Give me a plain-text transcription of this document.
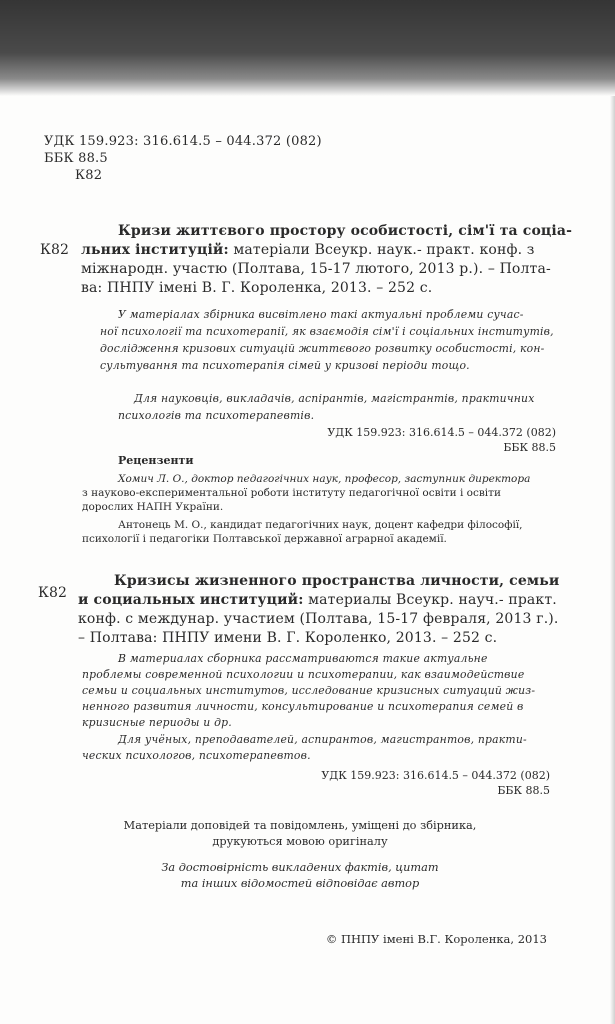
УДК 159.923: 316.614.5 – 044.372 (082)
ББК 88.5
К82
К82
Кризи життєвого простору особистості, сім'ї та соціа-
льних інституцій: матеріали Всеукр. наук.- практ. конф. з
міжнародн. участю (Полтава, 15-17 лютого, 2013 р.). – Полта-
ва: ПНПУ імені В. Г. Короленка, 2013. – 252 с.
У матеріалах збірника висвітлено такі актуальні проблеми сучас-
ної психології та психотерапії, як взаємодія сім'ї і соціальних інститутів,
дослідження кризових ситуацій життєвого розвитку особистості, кон-
сультування та психотерапія сімей у кризові періоди тощо.
Для науковців, викладачів, аспірантів, магістрантів, практичних
психологів та психотерапевтів.
УДК 159.923: 316.614.5 – 044.372 (082)
ББК 88.5
Рецензенти
Хомич Л. О., доктор педагогічних наук, професор, заступник директора
з науково-експериментальної роботи інституту педагогічної освіти і освіти
дорослих НАПН України.
Антонець М. О., кандидат педагогічних наук, доцент кафедри філософії,
психології і педагогіки Полтавської державної аграрної академії.
К82
Кризисы жизненного пространства личности, семьи
и социальных институций: материалы Всеукр. науч.- практ.
конф. с междунар. участием (Полтава, 15-17 февраля, 2013 г.).
– Полтава: ПНПУ имени В. Г. Короленко, 2013. – 252 с.
В материалах сборника рассматриваются такие актуальне
проблемы современной психологии и психотерапии, как взаимодействие
семьи и социальных институтов, исследование кризисных ситуаций жиз-
ненного развития личности, консультирование и психотерапия семей в
кризисные периоды и др.
Для учёных, преподавателей, аспирантов, магистрантов, практи-
ческих психологов, психотерапевтов.
УДК 159.923: 316.614.5 – 044.372 (082)
ББК 88.5
Матеріали доповідей та повідомлень, уміщені до збірника,
друкуються мовою оригіналу
За достовірність викладених фактів, цитат
та інших відомостей відповідає автор
© ПНПУ імені В.Г. Короленка, 2013
